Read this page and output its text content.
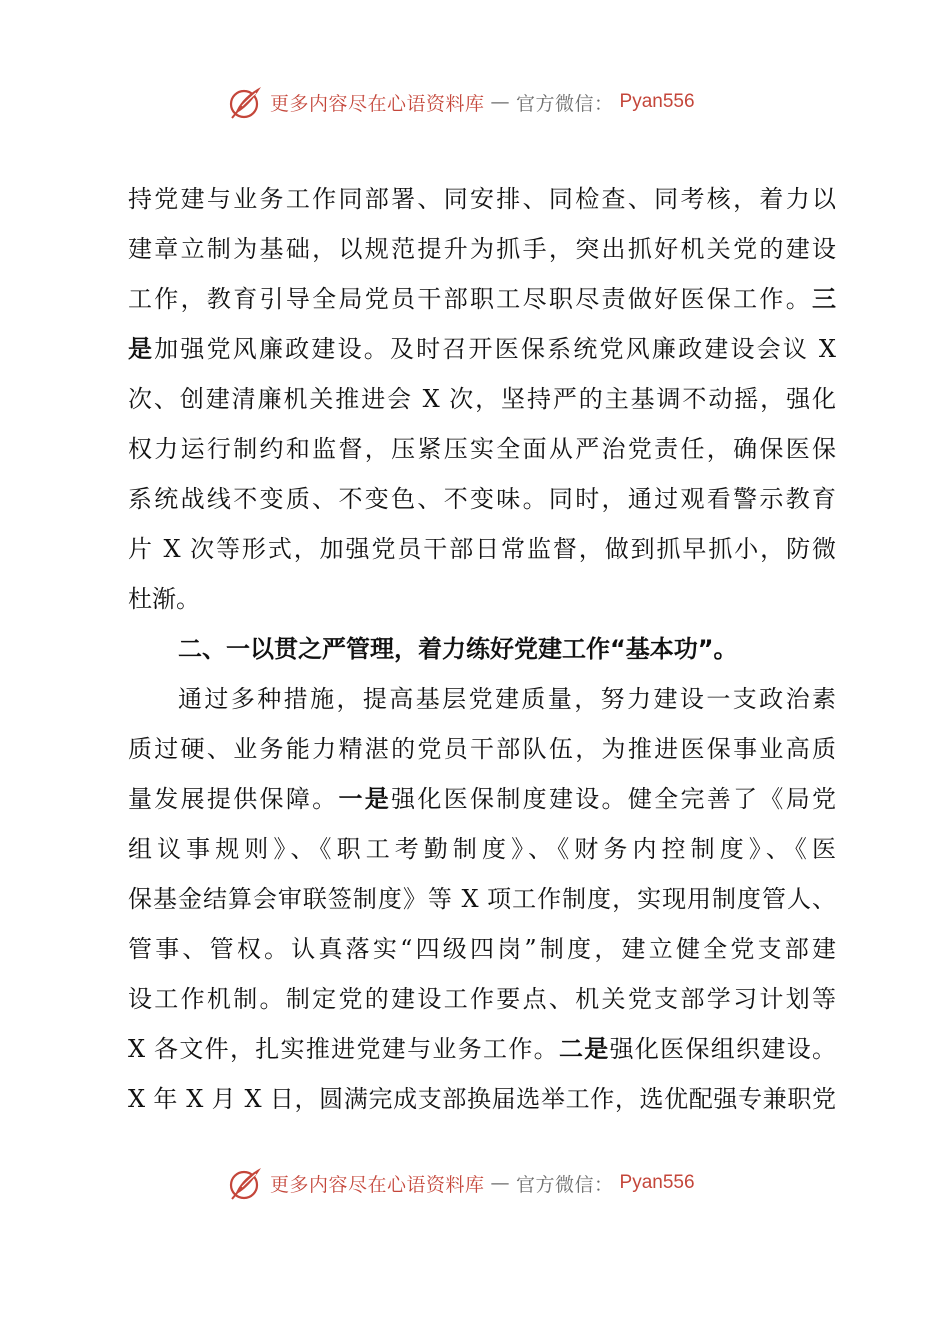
更多内容尽在心语资料库 — 官方微信： Pyan556
持党建与业务工作同部署、同安排、同检查、同考核，着力以
建章立制为基础，以规范提升为抓手，突出抓好机关党的建设
工作，教育引导全局党员干部职工尽职尽责做好医保工作。三
是加强党风廉政建设。及时召开医保系统党风廉政建设会议 X
次、创建清廉机关推进会 X 次，坚持严的主基调不动摇，强化
权力运行制约和监督，压紧压实全面从严治党责任，确保医保
系统战线不变质、不变色、不变味。同时，通过观看警示教育
片 X 次等形式，加强党员干部日常监督，做到抓早抓小，防微
杜渐。
二、一以贯之严管理，着力练好党建工作“基本功”。
通过多种措施，提高基层党建质量，努力建设一支政治素
质过硬、业务能力精湛的党员干部队伍，为推进医保事业高质
量发展提供保障。一是强化医保制度建设。健全完善了《局党
组议事规则》、《职工考勤制度》、《财务内控制度》、《医
保基金结算会审联签制度》等 X 项工作制度，实现用制度管人、
管事、管权。认真落实“四级四岗”制度，建立健全党支部建
设工作机制。制定党的建设工作要点、机关党支部学习计划等
X 各文件，扎实推进党建与业务工作。二是强化医保组织建设。
X 年 X 月 X 日，圆满完成支部换届选举工作，选优配强专兼职党
更多内容尽在心语资料库 — 官方微信： Pyan556
